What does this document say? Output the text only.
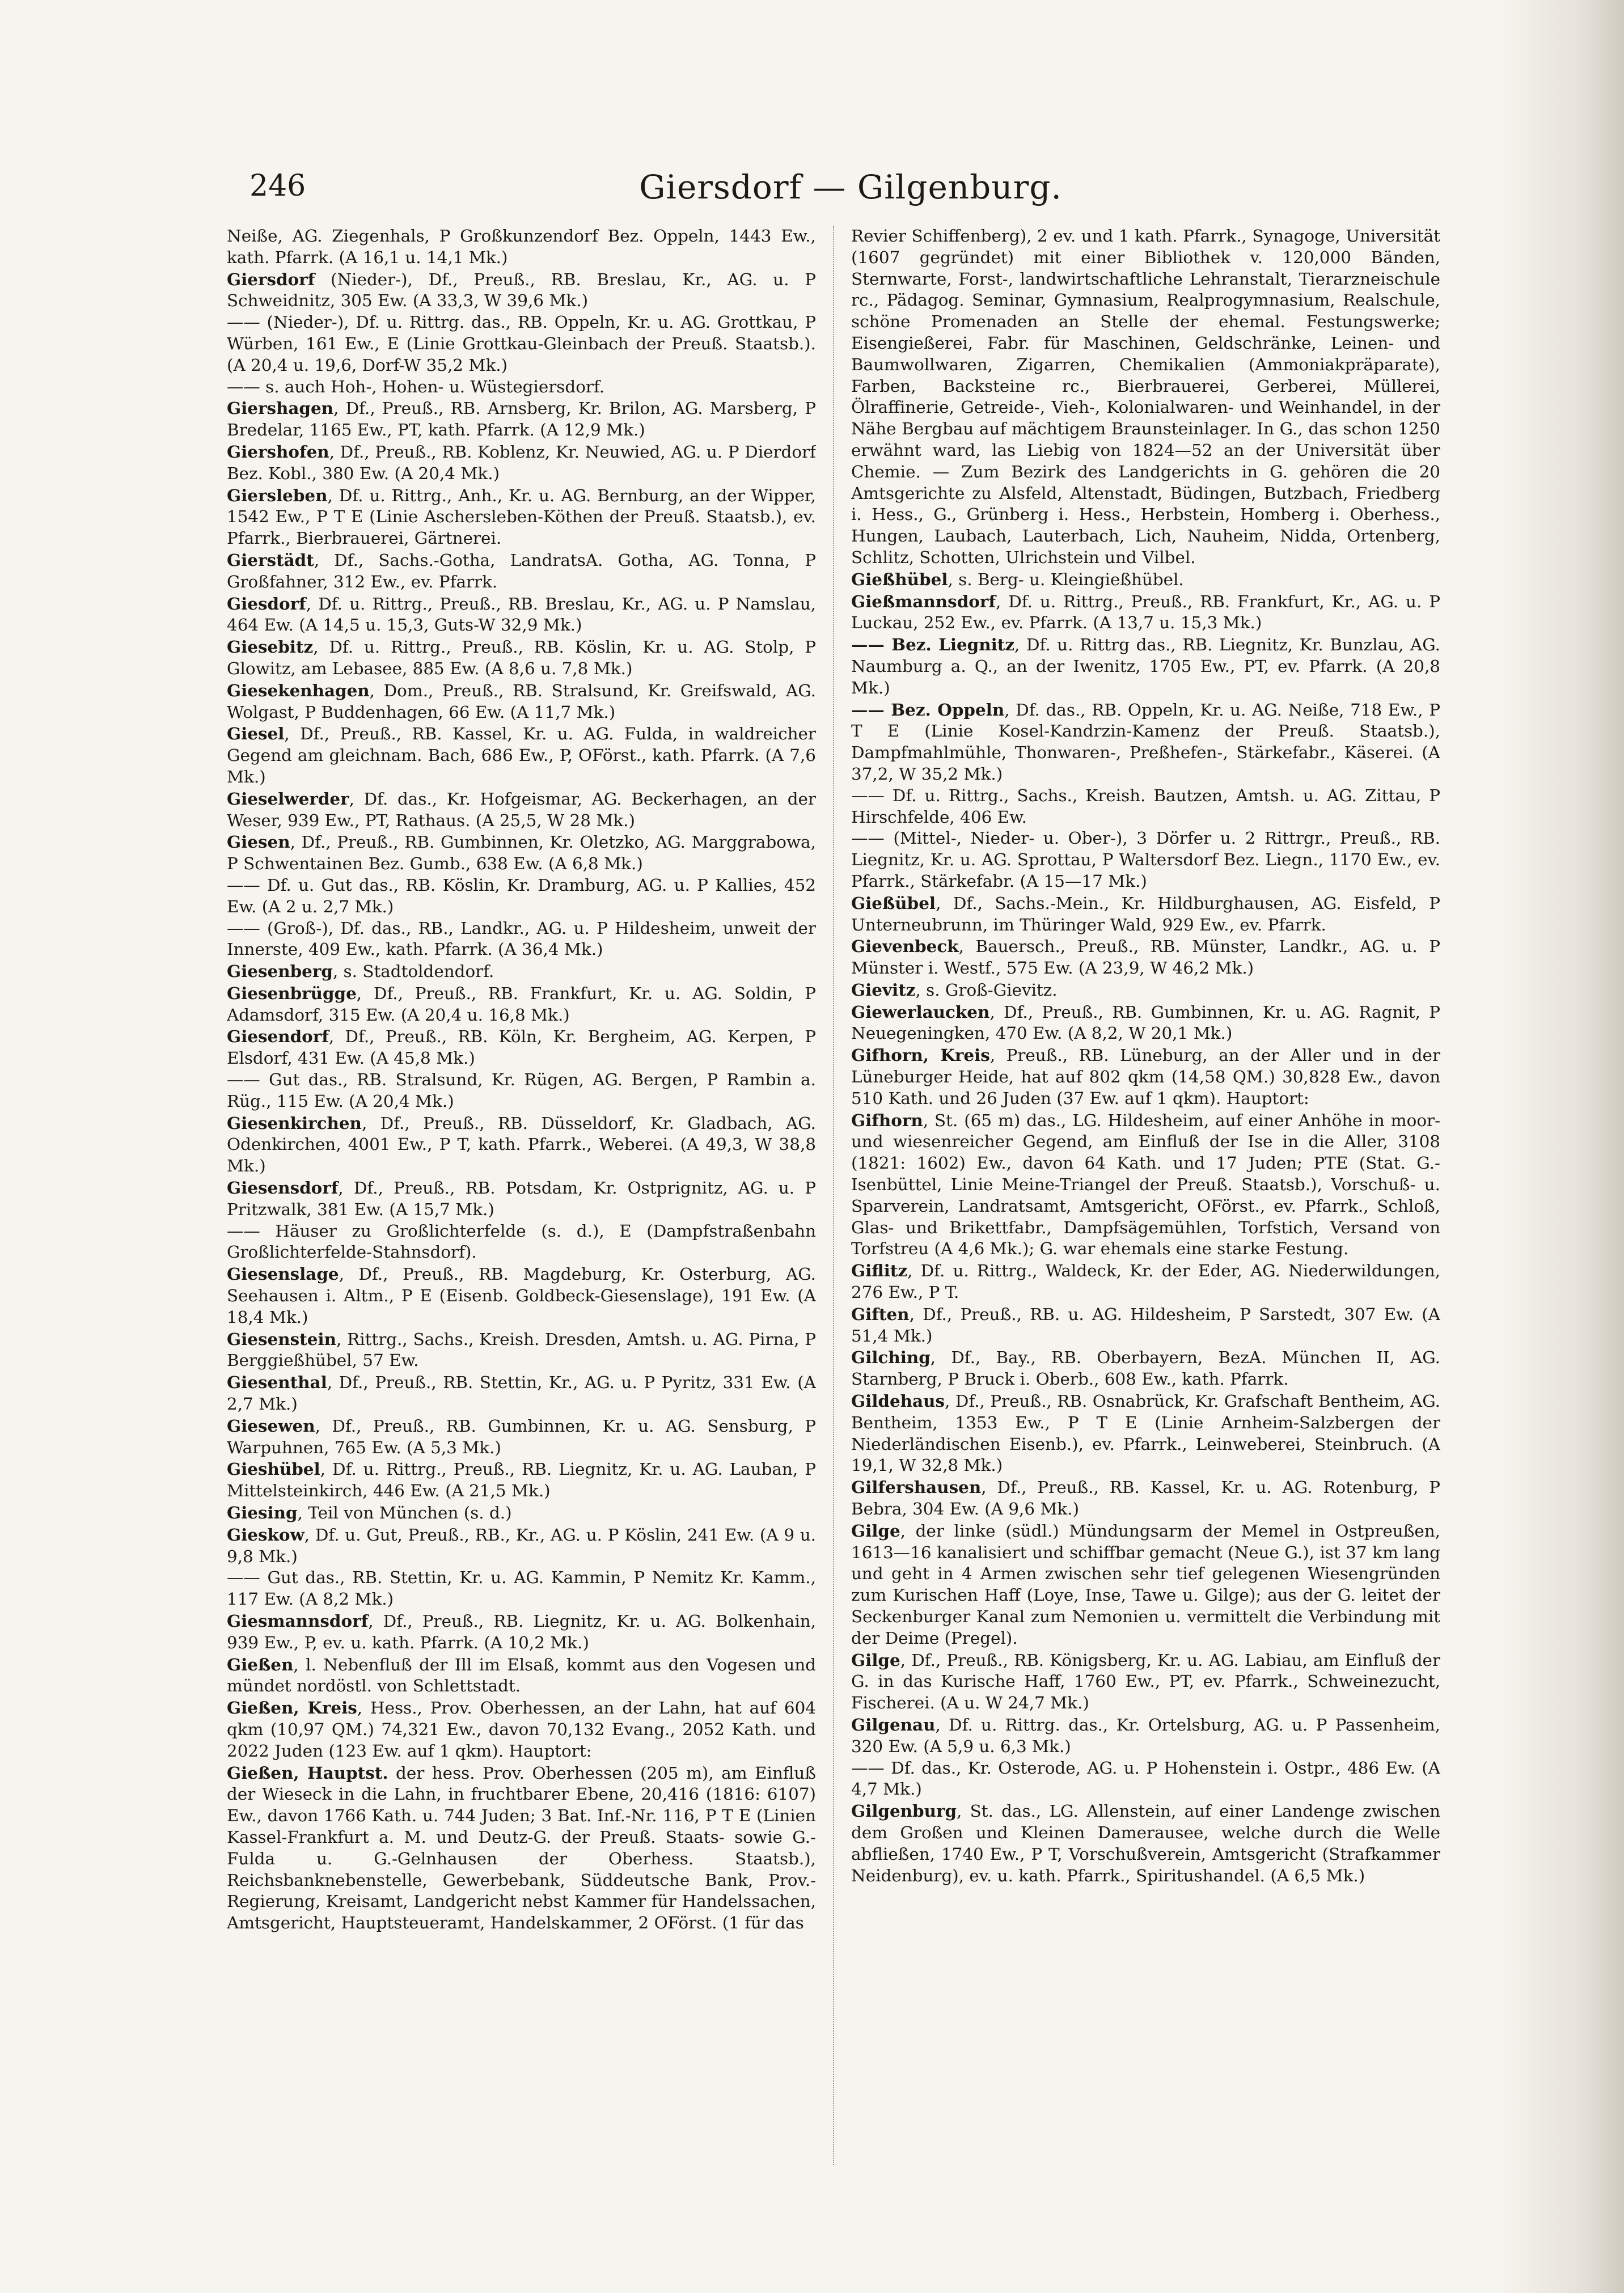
246	Giersdorf — Gilgenburg.

Neiße, AG. Ziegenhals, P Großkunzendorf Bez. Oppeln, 1443 Ew., kath. Pfarrk. (A 16,1 u. 14,1 Mk.)

Giersdorf (Nieder-), Df., Preuß., RB. Breslau, Kr., AG. u. P Schweidnitz, 305 Ew. (A 33,3, W 39,6 Mk.)

—— (Nieder-), Df. u. Rittrg. das., RB. Oppeln, Kr. u. AG. Grottkau, P Würben, 161 Ew., E (Linie Grottkau-Gleinbach der Preuß. Staatsb.). (A 20,4 u. 19,6, Dorf-W 35,2 Mk.)

—— s. auch Hoh-, Hohen- u. Wüstegiersdorf.

Giershagen, Df., Preuß., RB. Arnsberg, Kr. Brilon, AG. Marsberg, P Bredelar, 1165 Ew., PT, kath. Pfarrk. (A 12,9 Mk.)

Giershofen, Df., Preuß., RB. Koblenz, Kr. Neuwied, AG. u. P Dierdorf Bez. Kobl., 380 Ew. (A 20,4 Mk.)

Giersleben, Df. u. Rittrg., Anh., Kr. u. AG. Bernburg, an der Wipper, 1542 Ew., P T E (Linie Aschersleben-Köthen der Preuß. Staatsb.), ev. Pfarrk., Bierbrauerei, Gärtnerei.

Gierstädt, Df., Sachs.-Gotha, LandratsA. Gotha, AG. Tonna, P Großfahner, 312 Ew., ev. Pfarrk.

Giesdorf, Df. u. Rittrg., Preuß., RB. Breslau, Kr., AG. u. P Namslau, 464 Ew. (A 14,5 u. 15,3, Guts-W 32,9 Mk.)

Giesebitz, Df. u. Rittrg., Preuß., RB. Köslin, Kr. u. AG. Stolp, P Glowitz, am Lebasee, 885 Ew. (A 8,6 u. 7,8 Mk.)

Giesekenhagen, Dom., Preuß., RB. Stralsund, Kr. Greifswald, AG. Wolgast, P Buddenhagen, 66 Ew. (A 11,7 Mk.)

Giesel, Df., Preuß., RB. Kassel, Kr. u. AG. Fulda, in waldreicher Gegend am gleichnam. Bach, 686 Ew., P, OFörst., kath. Pfarrk. (A 7,6 Mk.)

Gieselwerder, Df. das., Kr. Hofgeismar, AG. Beckerhagen, an der Weser, 939 Ew., PT, Rathaus. (A 25,5, W 28 Mk.)

Giesen, Df., Preuß., RB. Gumbinnen, Kr. Oletzko, AG. Marggrabowa, P Schwentainen Bez. Gumb., 638 Ew. (A 6,8 Mk.)

—— Df. u. Gut das., RB. Köslin, Kr. Dramburg, AG. u. P Kallies, 452 Ew. (A 2 u. 2,7 Mk.)

—— (Groß-), Df. das., RB., Landkr., AG. u. P Hildesheim, unweit der Innerste, 409 Ew., kath. Pfarrk. (A 36,4 Mk.)

Giesenberg, s. Stadtoldendorf.

Giesenbrügge, Df., Preuß., RB. Frankfurt, Kr. u. AG. Soldin, P Adamsdorf, 315 Ew. (A 20,4 u. 16,8 Mk.)

Giesendorf, Df., Preuß., RB. Köln, Kr. Bergheim, AG. Kerpen, P Elsdorf, 431 Ew. (A 45,8 Mk.)

—— Gut das., RB. Stralsund, Kr. Rügen, AG. Bergen, P Rambin a. Rüg., 115 Ew. (A 20,4 Mk.)

Giesenkirchen, Df., Preuß., RB. Düsseldorf, Kr. Gladbach, AG. Odenkirchen, 4001 Ew., P T, kath. Pfarrk., Weberei. (A 49,3, W 38,8 Mk.)

Giesensdorf, Df., Preuß., RB. Potsdam, Kr. Ostprignitz, AG. u. P Pritzwalk, 381 Ew. (A 15,7 Mk.)

—— Häuser zu Großlichterfelde (s. d.), E (Dampfstraßenbahn Großlichterfelde-Stahnsdorf).

Giesenslage, Df., Preuß., RB. Magdeburg, Kr. Osterburg, AG. Seehausen i. Altm., P E (Eisenb. Goldbeck-Giesenslage), 191 Ew. (A 18,4 Mk.)

Giesenstein, Rittrg., Sachs., Kreish. Dresden, Amtsh. u. AG. Pirna, P Berggießhübel, 57 Ew.

Giesenthal, Df., Preuß., RB. Stettin, Kr., AG. u. P Pyritz, 331 Ew. (A 2,7 Mk.)

Giesewen, Df., Preuß., RB. Gumbinnen, Kr. u. AG. Sensburg, P Warpuhnen, 765 Ew. (A 5,3 Mk.)

Gieshübel, Df. u. Rittrg., Preuß., RB. Liegnitz, Kr. u. AG. Lauban, P Mittelsteinkirch, 446 Ew. (A 21,5 Mk.)

Giesing, Teil von München (s. d.)

Gieskow, Df. u. Gut, Preuß., RB., Kr., AG. u. P Köslin, 241 Ew. (A 9 u. 9,8 Mk.)

—— Gut das., RB. Stettin, Kr. u. AG. Kammin, P Nemitz Kr. Kamm., 117 Ew. (A 8,2 Mk.)

Giesmannsdorf, Df., Preuß., RB. Liegnitz, Kr. u. AG. Bolkenhain, 939 Ew., P, ev. u. kath. Pfarrk. (A 10,2 Mk.)

Gießen, l. Nebenfluß der Ill im Elsaß, kommt aus den Vogesen und mündet nordöstl. von Schlettstadt.

Gießen, Kreis, Hess., Prov. Oberhessen, an der Lahn, hat auf 604 qkm (10,97 QM.) 74,321 Ew., davon 70,132 Evang., 2052 Kath. und 2022 Juden (123 Ew. auf 1 qkm). Hauptort:

Gießen, Hauptst. der hess. Prov. Oberhessen (205 m), am Einfluß der Wieseck in die Lahn, in fruchtbarer Ebene, 20,416 (1816: 6107) Ew., davon 1766 Kath. u. 744 Juden; 3 Bat. Inf.-Nr. 116, P T E (Linien Kassel-Frankfurt a. M. und Deutz-G. der Preuß. Staats- sowie G.-Fulda u. G.-Gelnhausen der Oberhess. Staatsb.), Reichsbanknebenstelle, Gewerbebank, Süddeutsche Bank, Prov.-Regierung, Kreisamt, Landgericht nebst Kammer für Handelssachen, Amtsgericht, Hauptsteueramt, Handelskammer, 2 OFörst. (1 für das

Revier Schiffenberg), 2 ev. und 1 kath. Pfarrk., Synagoge, Universität (1607 gegründet) mit einer Bibliothek v. 120,000 Bänden, Sternwarte, Forst-, landwirtschaftliche Lehranstalt, Tierarzneischule rc., Pädagog. Seminar, Gymnasium, Realprogymnasium, Realschule, schöne Promenaden an Stelle der ehemal. Festungswerke; Eisengießerei, Fabr. für Maschinen, Geldschränke, Leinen- und Baumwollwaren, Zigarren, Chemikalien (Ammoniakpräparate), Farben, Backsteine rc., Bierbrauerei, Gerberei, Müllerei, Ölraffinerie, Getreide-, Vieh-, Kolonialwaren- und Weinhandel, in der Nähe Bergbau auf mächtigem Braunsteinlager. In G., das schon 1250 erwähnt ward, las Liebig von 1824—52 an der Universität über Chemie. — Zum Bezirk des Landgerichts in G. gehören die 20 Amtsgerichte zu Alsfeld, Altenstadt, Büdingen, Butzbach, Friedberg i. Hess., G., Grünberg i. Hess., Herbstein, Homberg i. Oberhess., Hungen, Laubach, Lauterbach, Lich, Nauheim, Nidda, Ortenberg, Schlitz, Schotten, Ulrichstein und Vilbel.

Gießhübel, s. Berg- u. Kleingießhübel.

Gießmannsdorf, Df. u. Rittrg., Preuß., RB. Frankfurt, Kr., AG. u. P Luckau, 252 Ew., ev. Pfarrk. (A 13,7 u. 15,3 Mk.)

—— Bez. Liegnitz, Df. u. Rittrg das., RB. Liegnitz, Kr. Bunzlau, AG. Naumburg a. Q., an der Iwenitz, 1705 Ew., PT, ev. Pfarrk. (A 20,8 Mk.)

—— Bez. Oppeln, Df. das., RB. Oppeln, Kr. u. AG. Neiße, 718 Ew., P T E (Linie Kosel-Kandrzin-Kamenz der Preuß. Staatsb.), Dampfmahlmühle, Thonwaren-, Preßhefen-, Stärkefabr., Käserei. (A 37,2, W 35,2 Mk.)

—— Df. u. Rittrg., Sachs., Kreish. Bautzen, Amtsh. u. AG. Zittau, P Hirschfelde, 406 Ew.

—— (Mittel-, Nieder- u. Ober-), 3 Dörfer u. 2 Rittrgr., Preuß., RB. Liegnitz, Kr. u. AG. Sprottau, P Waltersdorf Bez. Liegn., 1170 Ew., ev. Pfarrk., Stärkefabr. (A 15—17 Mk.)

Gießübel, Df., Sachs.-Mein., Kr. Hildburghausen, AG. Eisfeld, P Unterneubrunn, im Thüringer Wald, 929 Ew., ev. Pfarrk.

Gievenbeck, Bauersch., Preuß., RB. Münster, Landkr., AG. u. P Münster i. Westf., 575 Ew. (A 23,9, W 46,2 Mk.)

Gievitz, s. Groß-Gievitz.

Giewerlaucken, Df., Preuß., RB. Gumbinnen, Kr. u. AG. Ragnit, P Neuegeningken, 470 Ew. (A 8,2, W 20,1 Mk.)

Gifhorn, Kreis, Preuß., RB. Lüneburg, an der Aller und in der Lüneburger Heide, hat auf 802 qkm (14,58 QM.) 30,828 Ew., davon 510 Kath. und 26 Juden (37 Ew. auf 1 qkm). Hauptort:

Gifhorn, St. (65 m) das., LG. Hildesheim, auf einer Anhöhe in moor- und wiesenreicher Gegend, am Einfluß der Ise in die Aller, 3108 (1821: 1602) Ew., davon 64 Kath. und 17 Juden; PTE (Stat. G.-Isenbüttel, Linie Meine-Triangel der Preuß. Staatsb.), Vorschuß- u. Sparverein, Landratsamt, Amtsgericht, OFörst., ev. Pfarrk., Schloß, Glas- und Brikettfabr., Dampfsägemühlen, Torfstich, Versand von Torfstreu (A 4,6 Mk.); G. war ehemals eine starke Festung.

Giflitz, Df. u. Rittrg., Waldeck, Kr. der Eder, AG. Niederwildungen, 276 Ew., P T.

Giften, Df., Preuß., RB. u. AG. Hildesheim, P Sarstedt, 307 Ew. (A 51,4 Mk.)

Gilching, Df., Bay., RB. Oberbayern, BezA. München II, AG. Starnberg, P Bruck i. Oberb., 608 Ew., kath. Pfarrk.

Gildehaus, Df., Preuß., RB. Osnabrück, Kr. Grafschaft Bentheim, AG. Bentheim, 1353 Ew., P T E (Linie Arnheim-Salzbergen der Niederländischen Eisenb.), ev. Pfarrk., Leinweberei, Steinbruch. (A 19,1, W 32,8 Mk.)

Gilfershausen, Df., Preuß., RB. Kassel, Kr. u. AG. Rotenburg, P Bebra, 304 Ew. (A 9,6 Mk.)

Gilge, der linke (südl.) Mündungsarm der Memel in Ostpreußen, 1613—16 kanalisiert und schiffbar gemacht (Neue G.), ist 37 km lang und geht in 4 Armen zwischen sehr tief gelegenen Wiesengründen zum Kurischen Haff (Loye, Inse, Tawe u. Gilge); aus der G. leitet der Seckenburger Kanal zum Nemonien u. vermittelt die Verbindung mit der Deime (Pregel).

Gilge, Df., Preuß., RB. Königsberg, Kr. u. AG. Labiau, am Einfluß der G. in das Kurische Haff, 1760 Ew., PT, ev. Pfarrk., Schweinezucht, Fischerei. (A u. W 24,7 Mk.)

Gilgenau, Df. u. Rittrg. das., Kr. Ortelsburg, AG. u. P Passenheim, 320 Ew. (A 5,9 u. 6,3 Mk.)

—— Df. das., Kr. Osterode, AG. u. P Hohenstein i. Ostpr., 486 Ew. (A 4,7 Mk.)

Gilgenburg, St. das., LG. Allenstein, auf einer Landenge zwischen dem Großen und Kleinen Damerausee, welche durch die Welle abfließen, 1740 Ew., P T, Vorschußverein, Amtsgericht (Strafkammer Neidenburg), ev. u. kath. Pfarrk., Spiritushandel. (A 6,5 Mk.)
